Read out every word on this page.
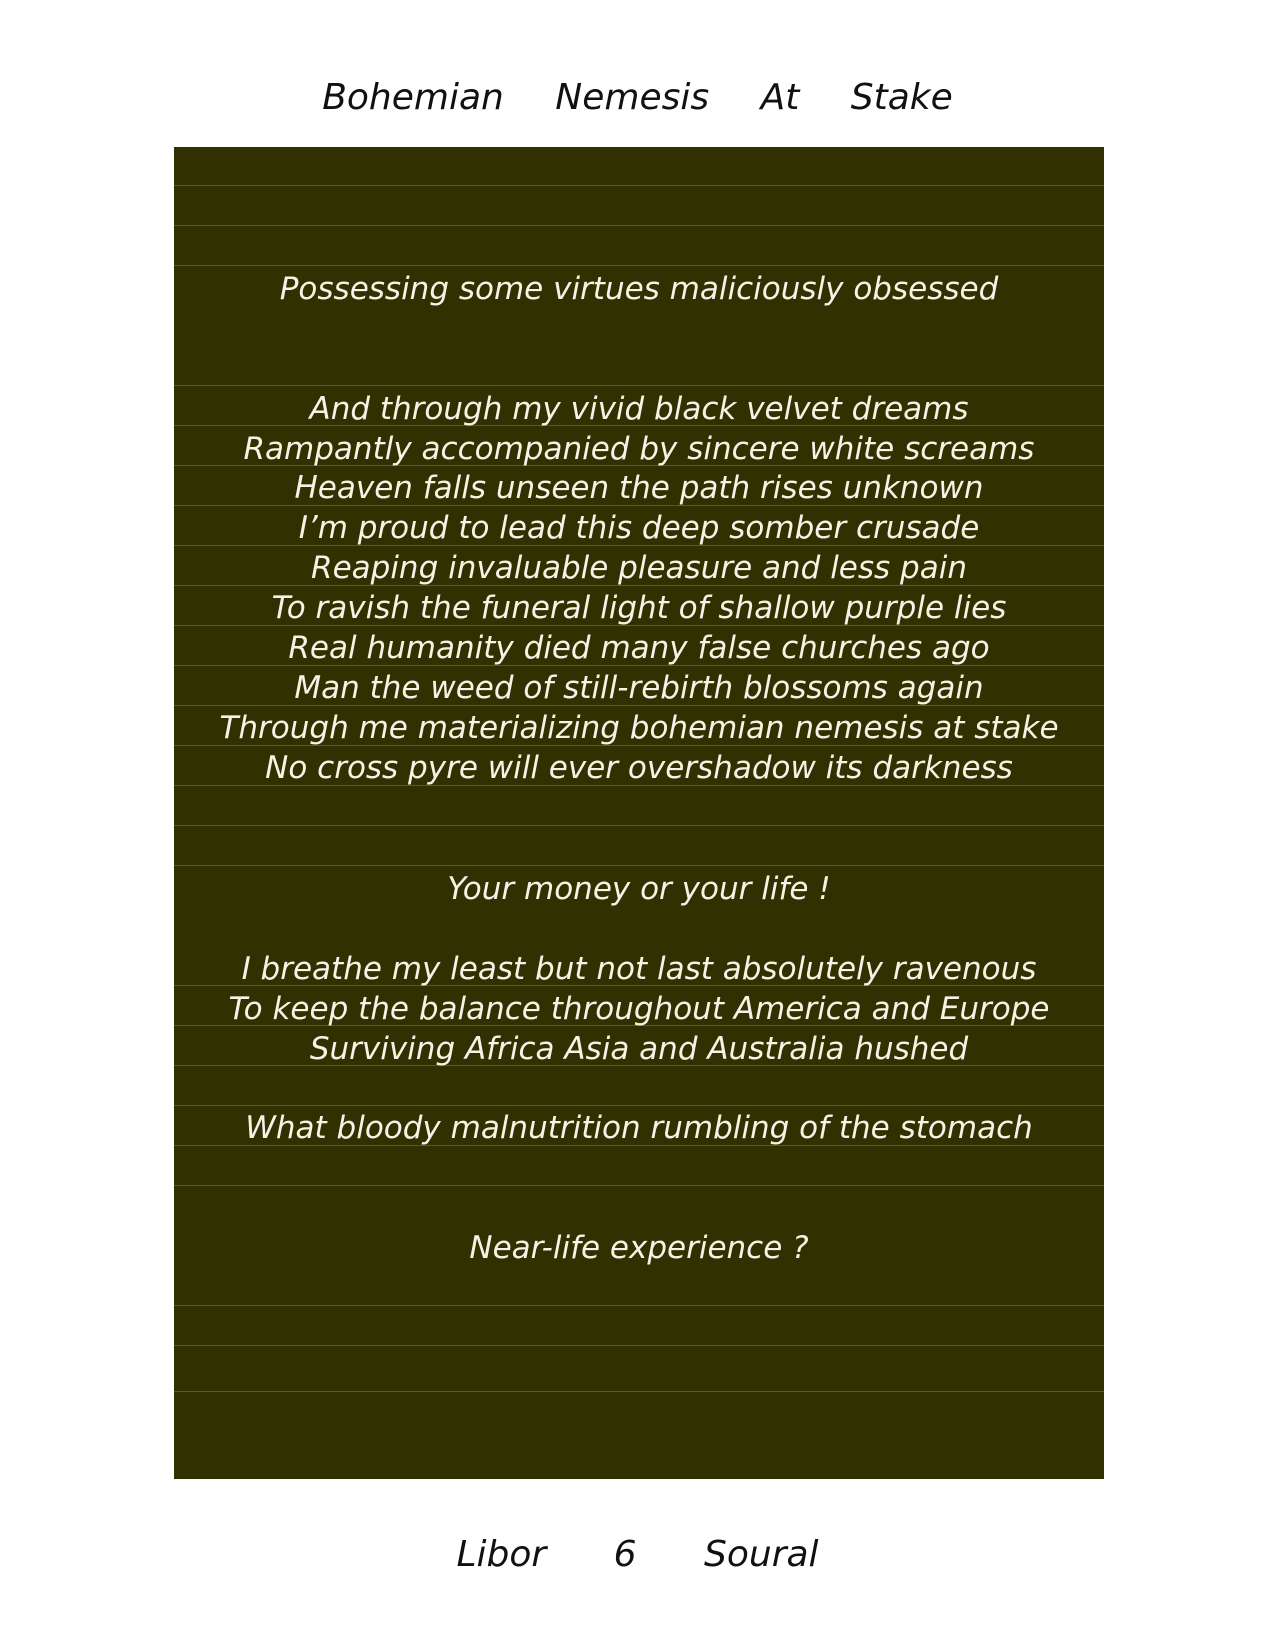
Bohemian Nemesis At Stake
Possessing some virtues maliciously obsessed
And through my vivid black velvet dreams
Rampantly accompanied by sincere white screams
Heaven falls unseen the path rises unknown
I’m proud to lead this deep somber crusade
Reaping invaluable pleasure and less pain
To ravish the funeral light of shallow purple lies
Real humanity died many false churches ago
Man the weed of still-rebirth blossoms again
Through me materializing bohemian nemesis at stake
No cross pyre will ever overshadow its darkness
Your money or your life !
I breathe my least but not last absolutely ravenous
To keep the balance throughout America and Europe
Surviving Africa Asia and Australia hushed
What bloody malnutrition rumbling of the stomach
Near-life experience ?
Libor 6 Soural
